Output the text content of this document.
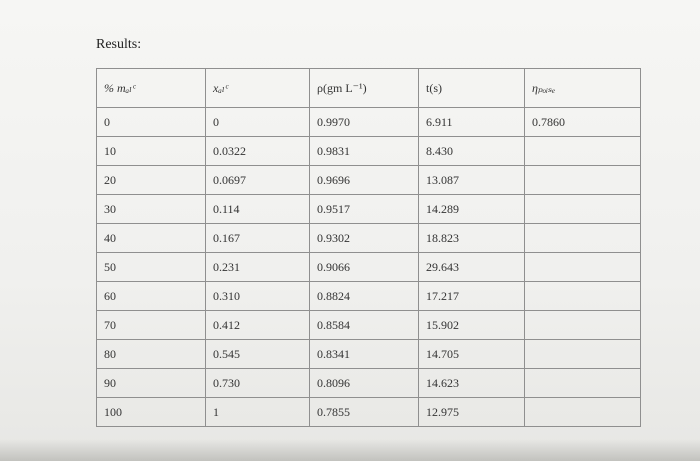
Results:
% mₐₗᶜ	xₐₗᶜ	ρ(gm L⁻¹)	t(s)	ηₚₒᵢₛₑ
0	0	0.9970	6.911	0.7860
10	0.0322	0.9831	8.430	
20	0.0697	0.9696	13.087	
30	0.114	0.9517	14.289	
40	0.167	0.9302	18.823	
50	0.231	0.9066	29.643	
60	0.310	0.8824	17.217	
70	0.412	0.8584	15.902	
80	0.545	0.8341	14.705	
90	0.730	0.8096	14.623	
100	1	0.7855	12.975	
